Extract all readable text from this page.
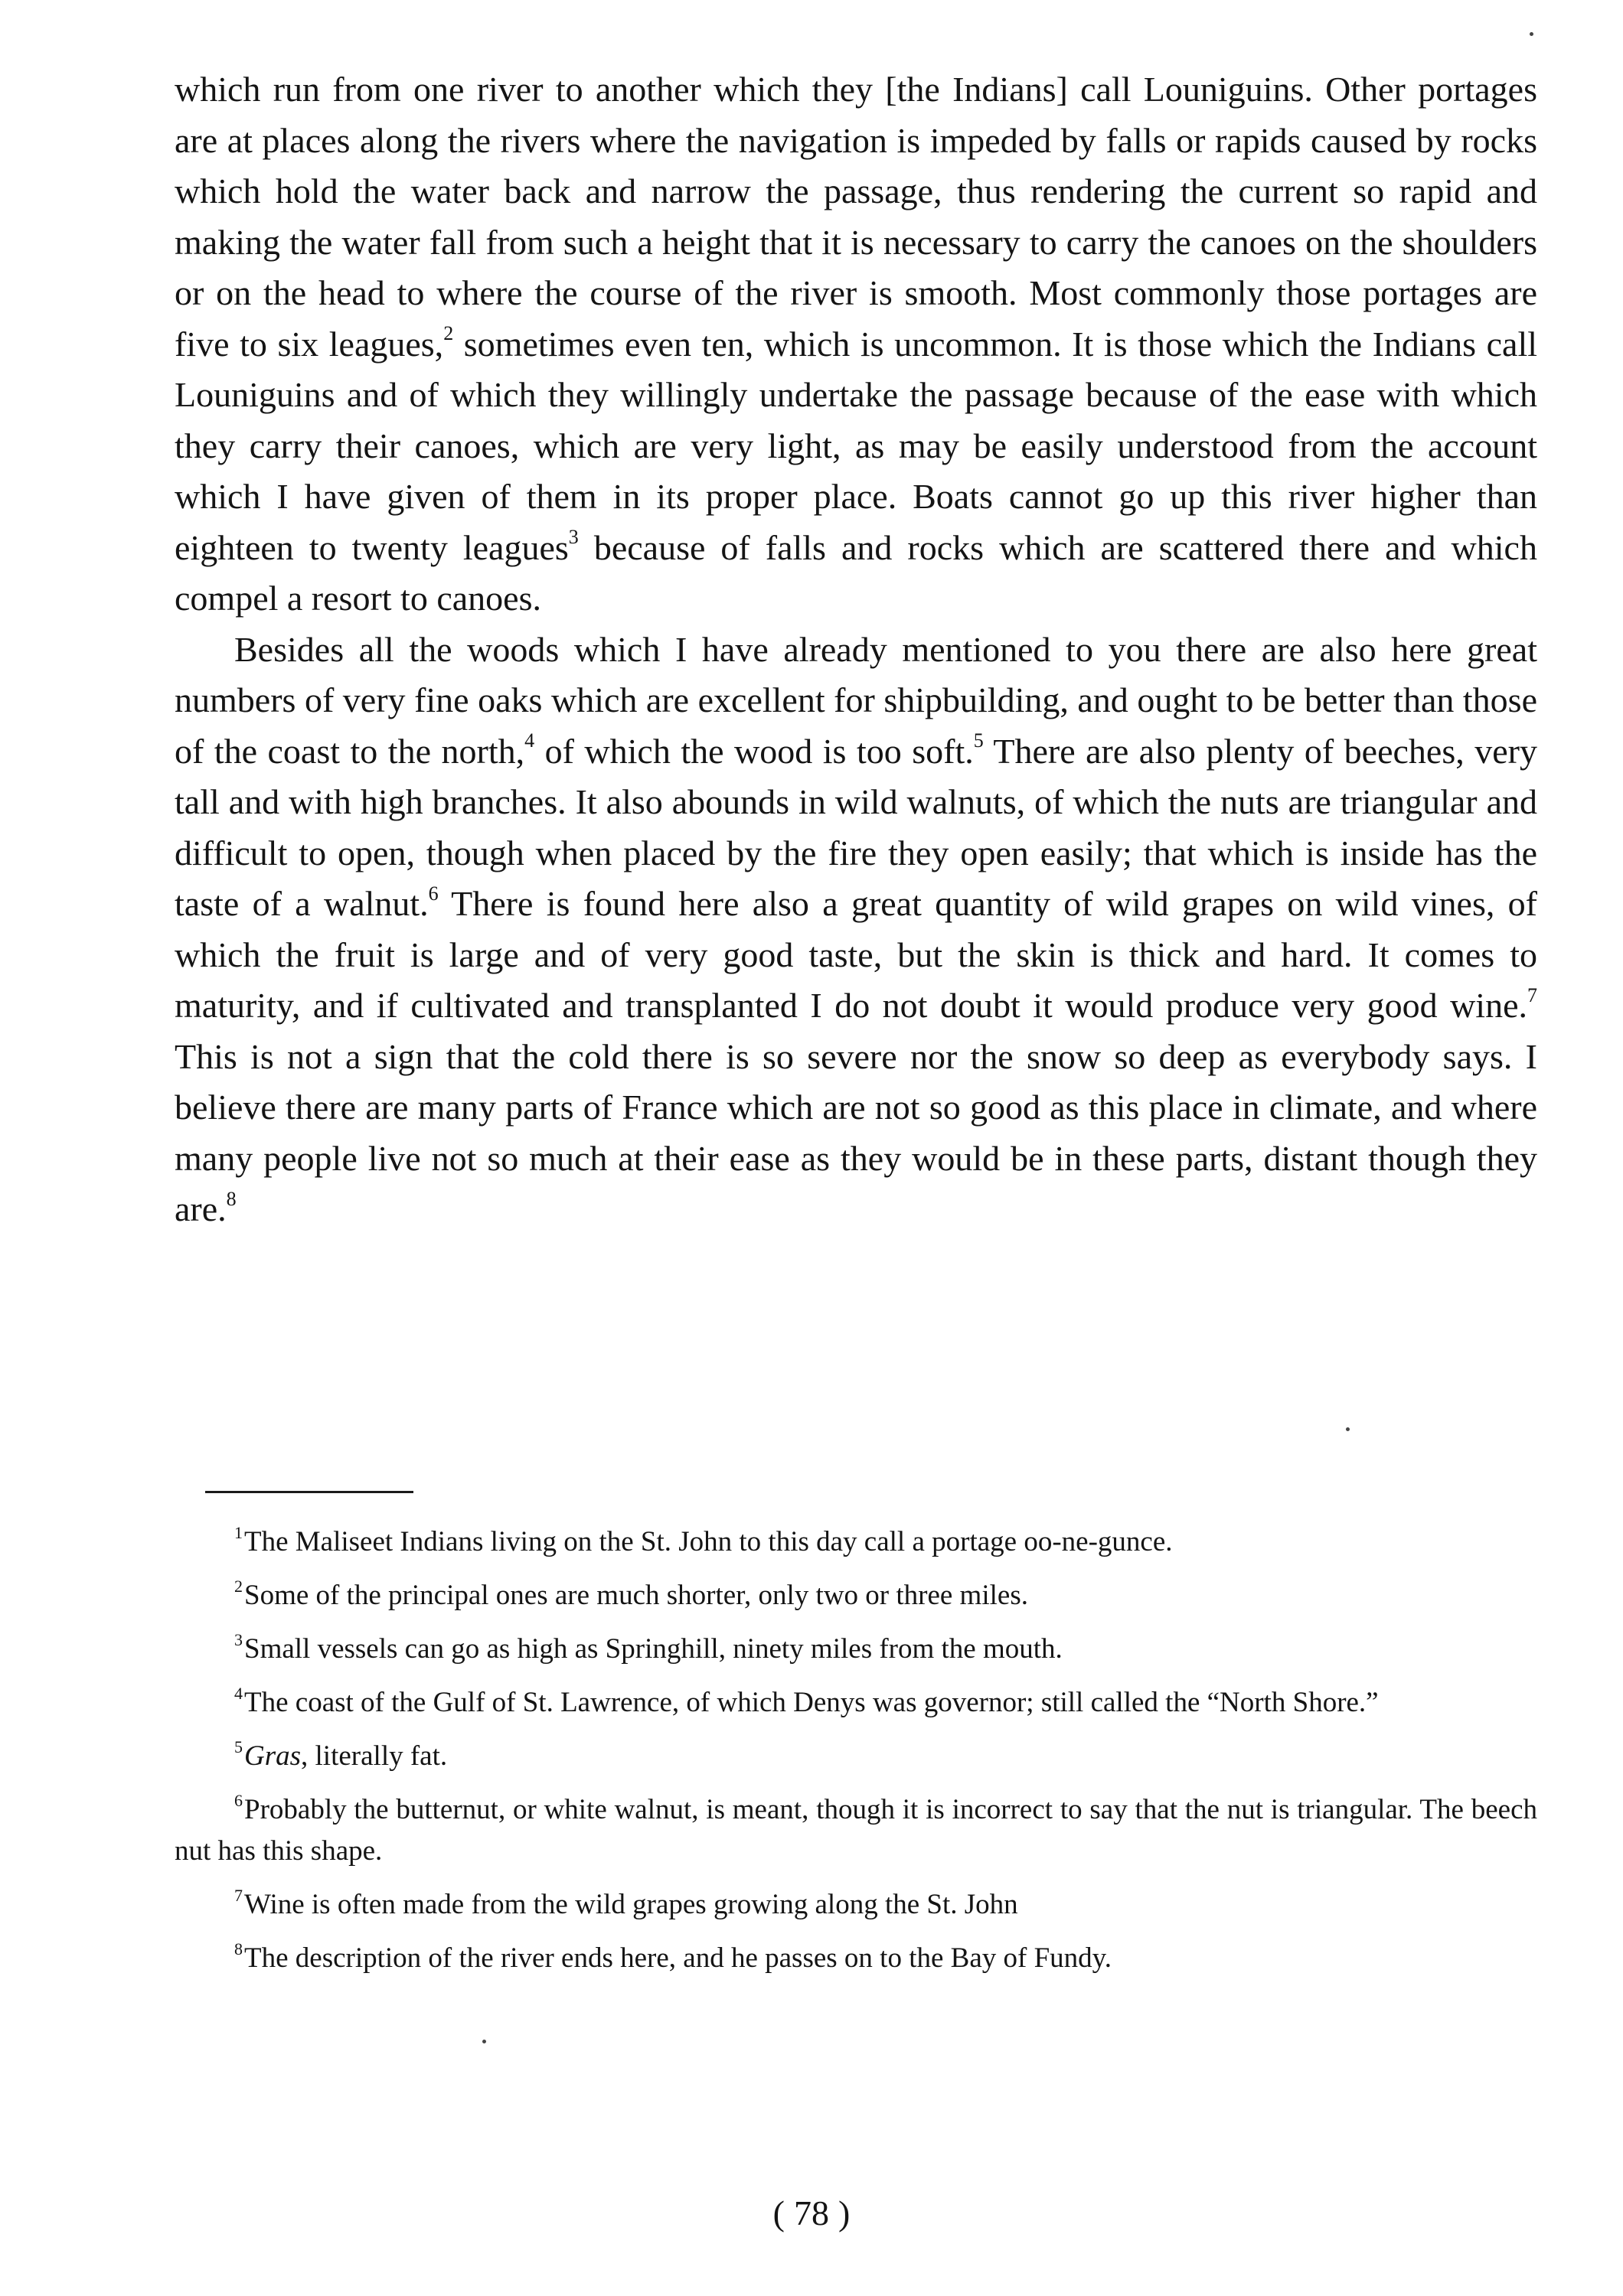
which run from one river to another which they [the Indians] call Louniguins. Other portages are at places along the rivers where the navigation is impeded by falls or rapids caused by rocks which hold the water back and narrow the passage, thus rendering the current so rapid and making the water fall from such a height that it is necessary to carry the canoes on the shoulders or on the head to where the course of the river is smooth. Most commonly those portages are five to six leagues,$^2$ sometimes even ten, which is uncommon. It is those which the Indians call Louniguins and of which they willingly undertake the passage because of the ease with which they carry their canoes, which are very light, as may be easily understood from the account which I have given of them in its proper place. Boats cannot go up this river higher than eighteen to twenty leagues$^3$ because of falls and rocks which are scattered there and which compel a resort to canoes.

Besides all the woods which I have already mentioned to you there are also here great numbers of very fine oaks which are excellent for shipbuilding, and ought to be better than those of the coast to the north,$^4$ of which the wood is too soft.$^5$ There are also plenty of beeches, very tall and with high branches. It also abounds in wild walnuts, of which the nuts are triangular and difficult to open, though when placed by the fire they open easily; that which is inside has the taste of a walnut.$^6$ There is found here also a great quantity of wild grapes on wild vines, of which the fruit is large and of very good taste, but the skin is thick and hard. It comes to maturity, and if cultivated and transplanted I do not doubt it would produce very good wine.$^7$ This is not a sign that the cold there is so severe nor the snow so deep as everybody says. I believe there are many parts of France which are not so good as this place in climate, and where many people live not so much at their ease as they would be in these parts, distant though they are.$^8$

$^1$The Maliseet Indians living on the St. John to this day call a portage oo-ne-gunce.

$^2$Some of the principal ones are much shorter, only two or three miles.

$^3$Small vessels can go as high as Springhill, ninety miles from the mouth.

$^4$The coast of the Gulf of St. Lawrence, of which Denys was governor; still called the “North Shore.”

$^5$Gras, literally fat.

$^6$Probably the butternut, or white walnut, is meant, though it is incorrect to say that the nut is triangular. The beech nut has this shape.

$^7$Wine is often made from the wild grapes growing along the St. John

$^8$The description of the river ends here, and he passes on to the Bay of Fundy.

( 78 )
